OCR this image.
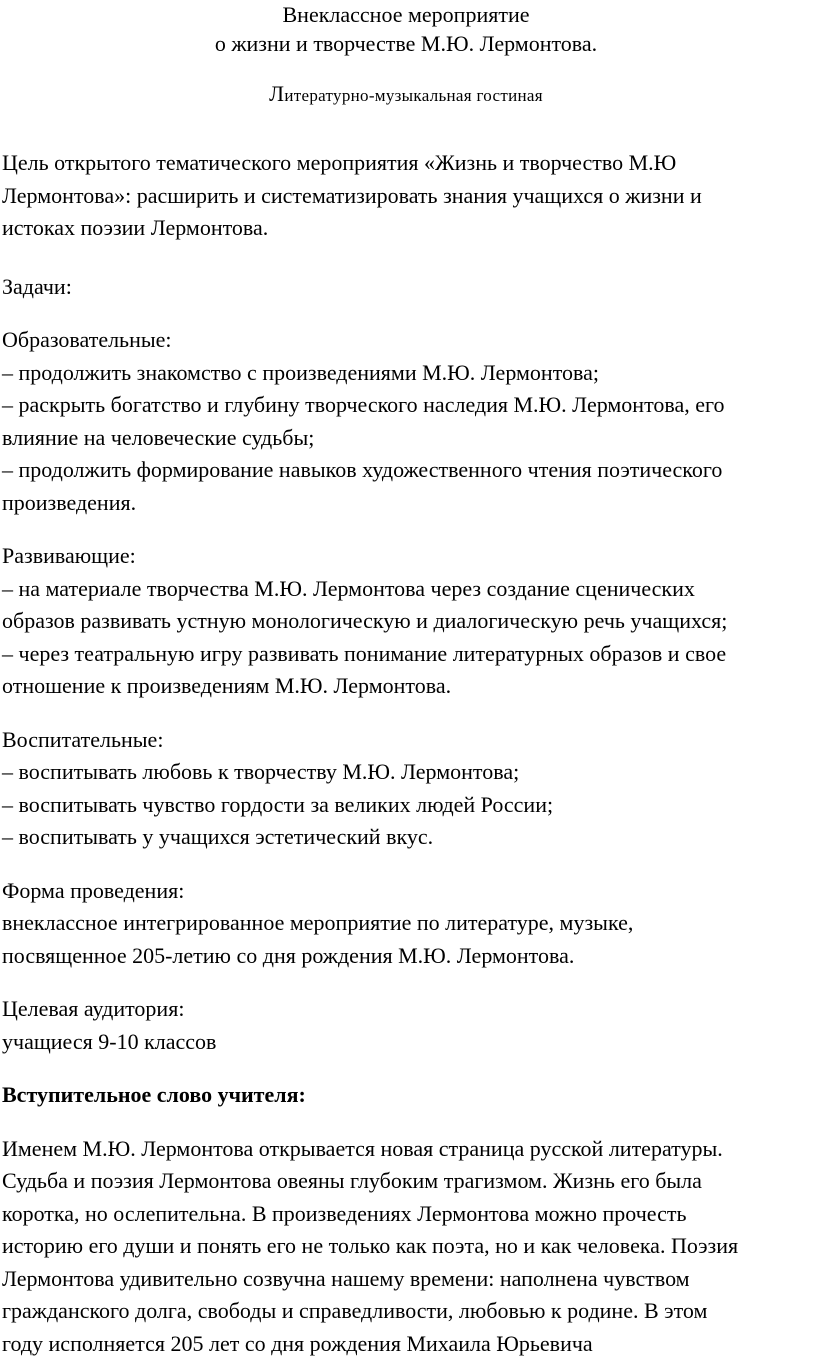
Внеклассное мероприятие
о жизни и творчестве М.Ю. Лермонтова.
Литературно-музыкальная гостиная
Цель открытого тематического мероприятия «Жизнь и творчество М.Ю
Лермонтова»: расширить и систематизировать знания учащихся о жизни и
истоках поэзии Лермонтова.
Задачи:
Образовательные:
– продолжить знакомство с произведениями М.Ю. Лермонтова;
– раскрыть богатство и глубину творческого наследия М.Ю. Лермонтова, его
влияние на человеческие судьбы;
– продолжить формирование навыков художественного чтения поэтического
произведения.
Развивающие:
– на материале творчества М.Ю. Лермонтова через создание сценических
образов развивать устную монологическую и диалогическую речь учащихся;
– через театральную игру развивать понимание литературных образов и свое
отношение к произведениям М.Ю. Лермонтова.
Воспитательные:
– воспитывать любовь к творчеству М.Ю. Лермонтова;
– воспитывать чувство гордости за великих людей России;
– воспитывать у учащихся эстетический вкус.
Форма проведения:
внеклассное интегрированное мероприятие по литературе, музыке,
посвященное 205-летию со дня рождения М.Ю. Лермонтова.
Целевая аудитория:
учащиеся 9-10 классов
Вступительное слово учителя:
Именем М.Ю. Лермонтова открывается новая страница русской литературы.
Судьба и поэзия Лермонтова овеяны глубоким трагизмом. Жизнь его была
коротка, но ослепительна. В произведениях Лермонтова можно прочесть
историю его души и понять его не только как поэта, но и как человека. Поэзия
Лермонтова удивительно созвучна нашему времени: наполнена чувством
гражданского долга, свободы и справедливости, любовью к родине. В этом
году исполняется 205 лет со дня рождения Михаила Юрьевича
